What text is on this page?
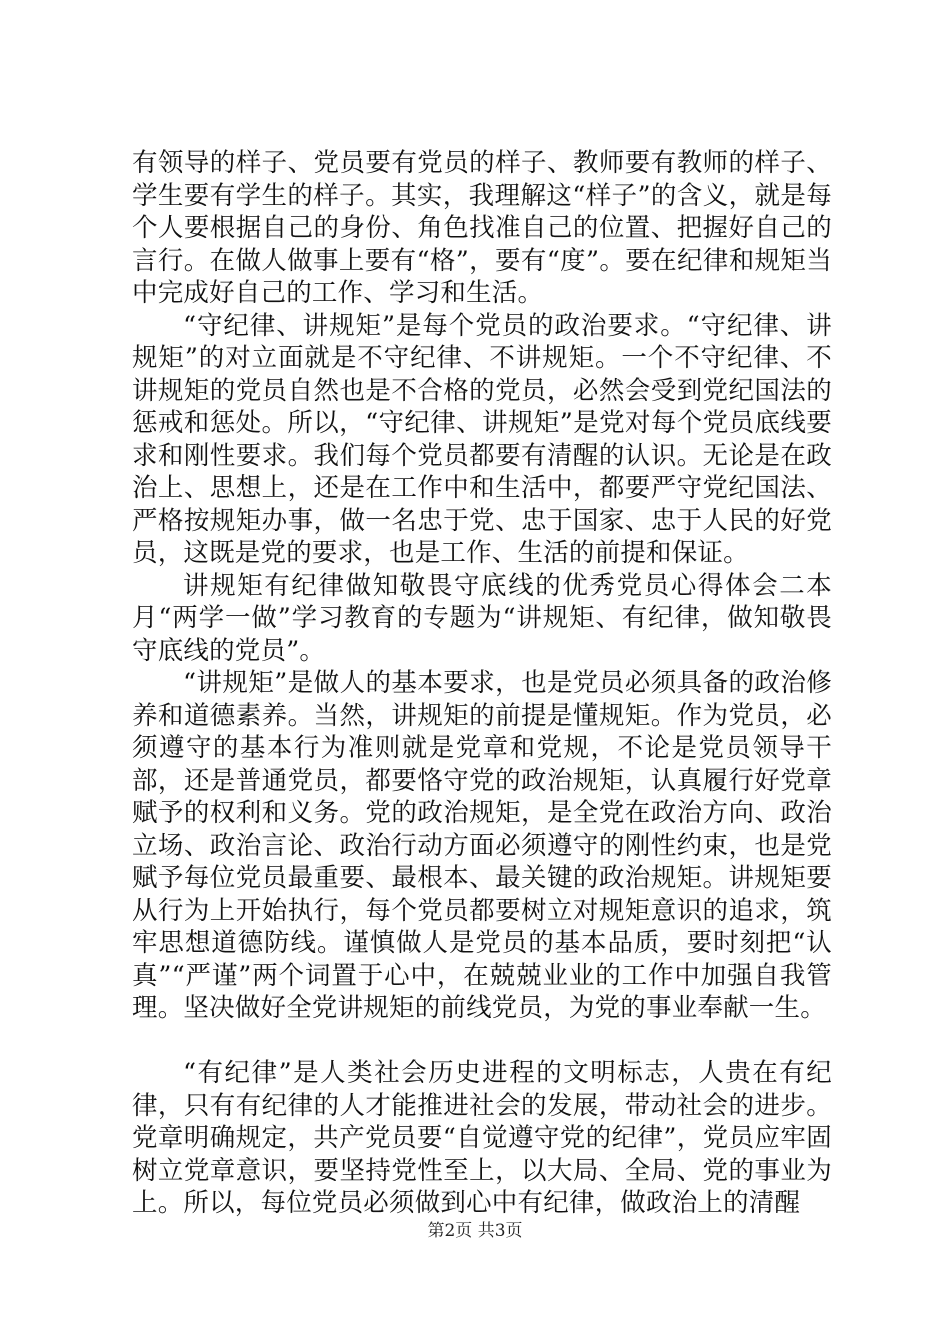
有领导的样子、党员要有党员的样子、教师要有教师的样子、学生要有学生的样子。其实，我理解这“样子”的含义，就是每个人要根据自己的身份、角色找准自己的位置、把握好自己的言行。在做人做事上要有“格”，要有“度”。要在纪律和规矩当中完成好自己的工作、学习和生活。

“守纪律、讲规矩”是每个党员的政治要求。“守纪律、讲规矩”的对立面就是不守纪律、不讲规矩。一个不守纪律、不讲规矩的党员自然也是不合格的党员，必然会受到党纪国法的惩戒和惩处。所以，“守纪律、讲规矩”是党对每个党员底线要求和刚性要求。我们每个党员都要有清醒的认识。无论是在政治上、思想上，还是在工作中和生活中，都要严守党纪国法、严格按规矩办事，做一名忠于党、忠于国家、忠于人民的好党员，这既是党的要求，也是工作、生活的前提和保证。

讲规矩有纪律做知敬畏守底线的优秀党员心得体会二本月“两学一做”学习教育的专题为“讲规矩、有纪律，做知敬畏守底线的党员”。

“讲规矩”是做人的基本要求，也是党员必须具备的政治修养和道德素养。当然，讲规矩的前提是懂规矩。作为党员，必须遵守的基本行为准则就是党章和党规，不论是党员领导干部，还是普通党员，都要恪守党的政治规矩，认真履行好党章赋予的权利和义务。党的政治规矩，是全党在政治方向、政治立场、政治言论、政治行动方面必须遵守的刚性约束，也是党赋予每位党员最重要、最根本、最关键的政治规矩。讲规矩要从行为上开始执行，每个党员都要树立对规矩意识的追求，筑牢思想道德防线。谨慎做人是党员的基本品质，要时刻把“认真”“严谨”两个词置于心中，在兢兢业业的工作中加强自我管理。坚决做好全党讲规矩的前线党员，为党的事业奉献一生。

“有纪律”是人类社会历史进程的文明标志，人贵在有纪律，只有有纪律的人才能推进社会的发展，带动社会的进步。党章明确规定，共产党员要“自觉遵守党的纪律”，党员应牢固树立党章意识，要坚持党性至上，以大局、全局、党的事业为上。所以，每位党员必须做到心中有纪律，做政治上的清醒

第2页 共3页
